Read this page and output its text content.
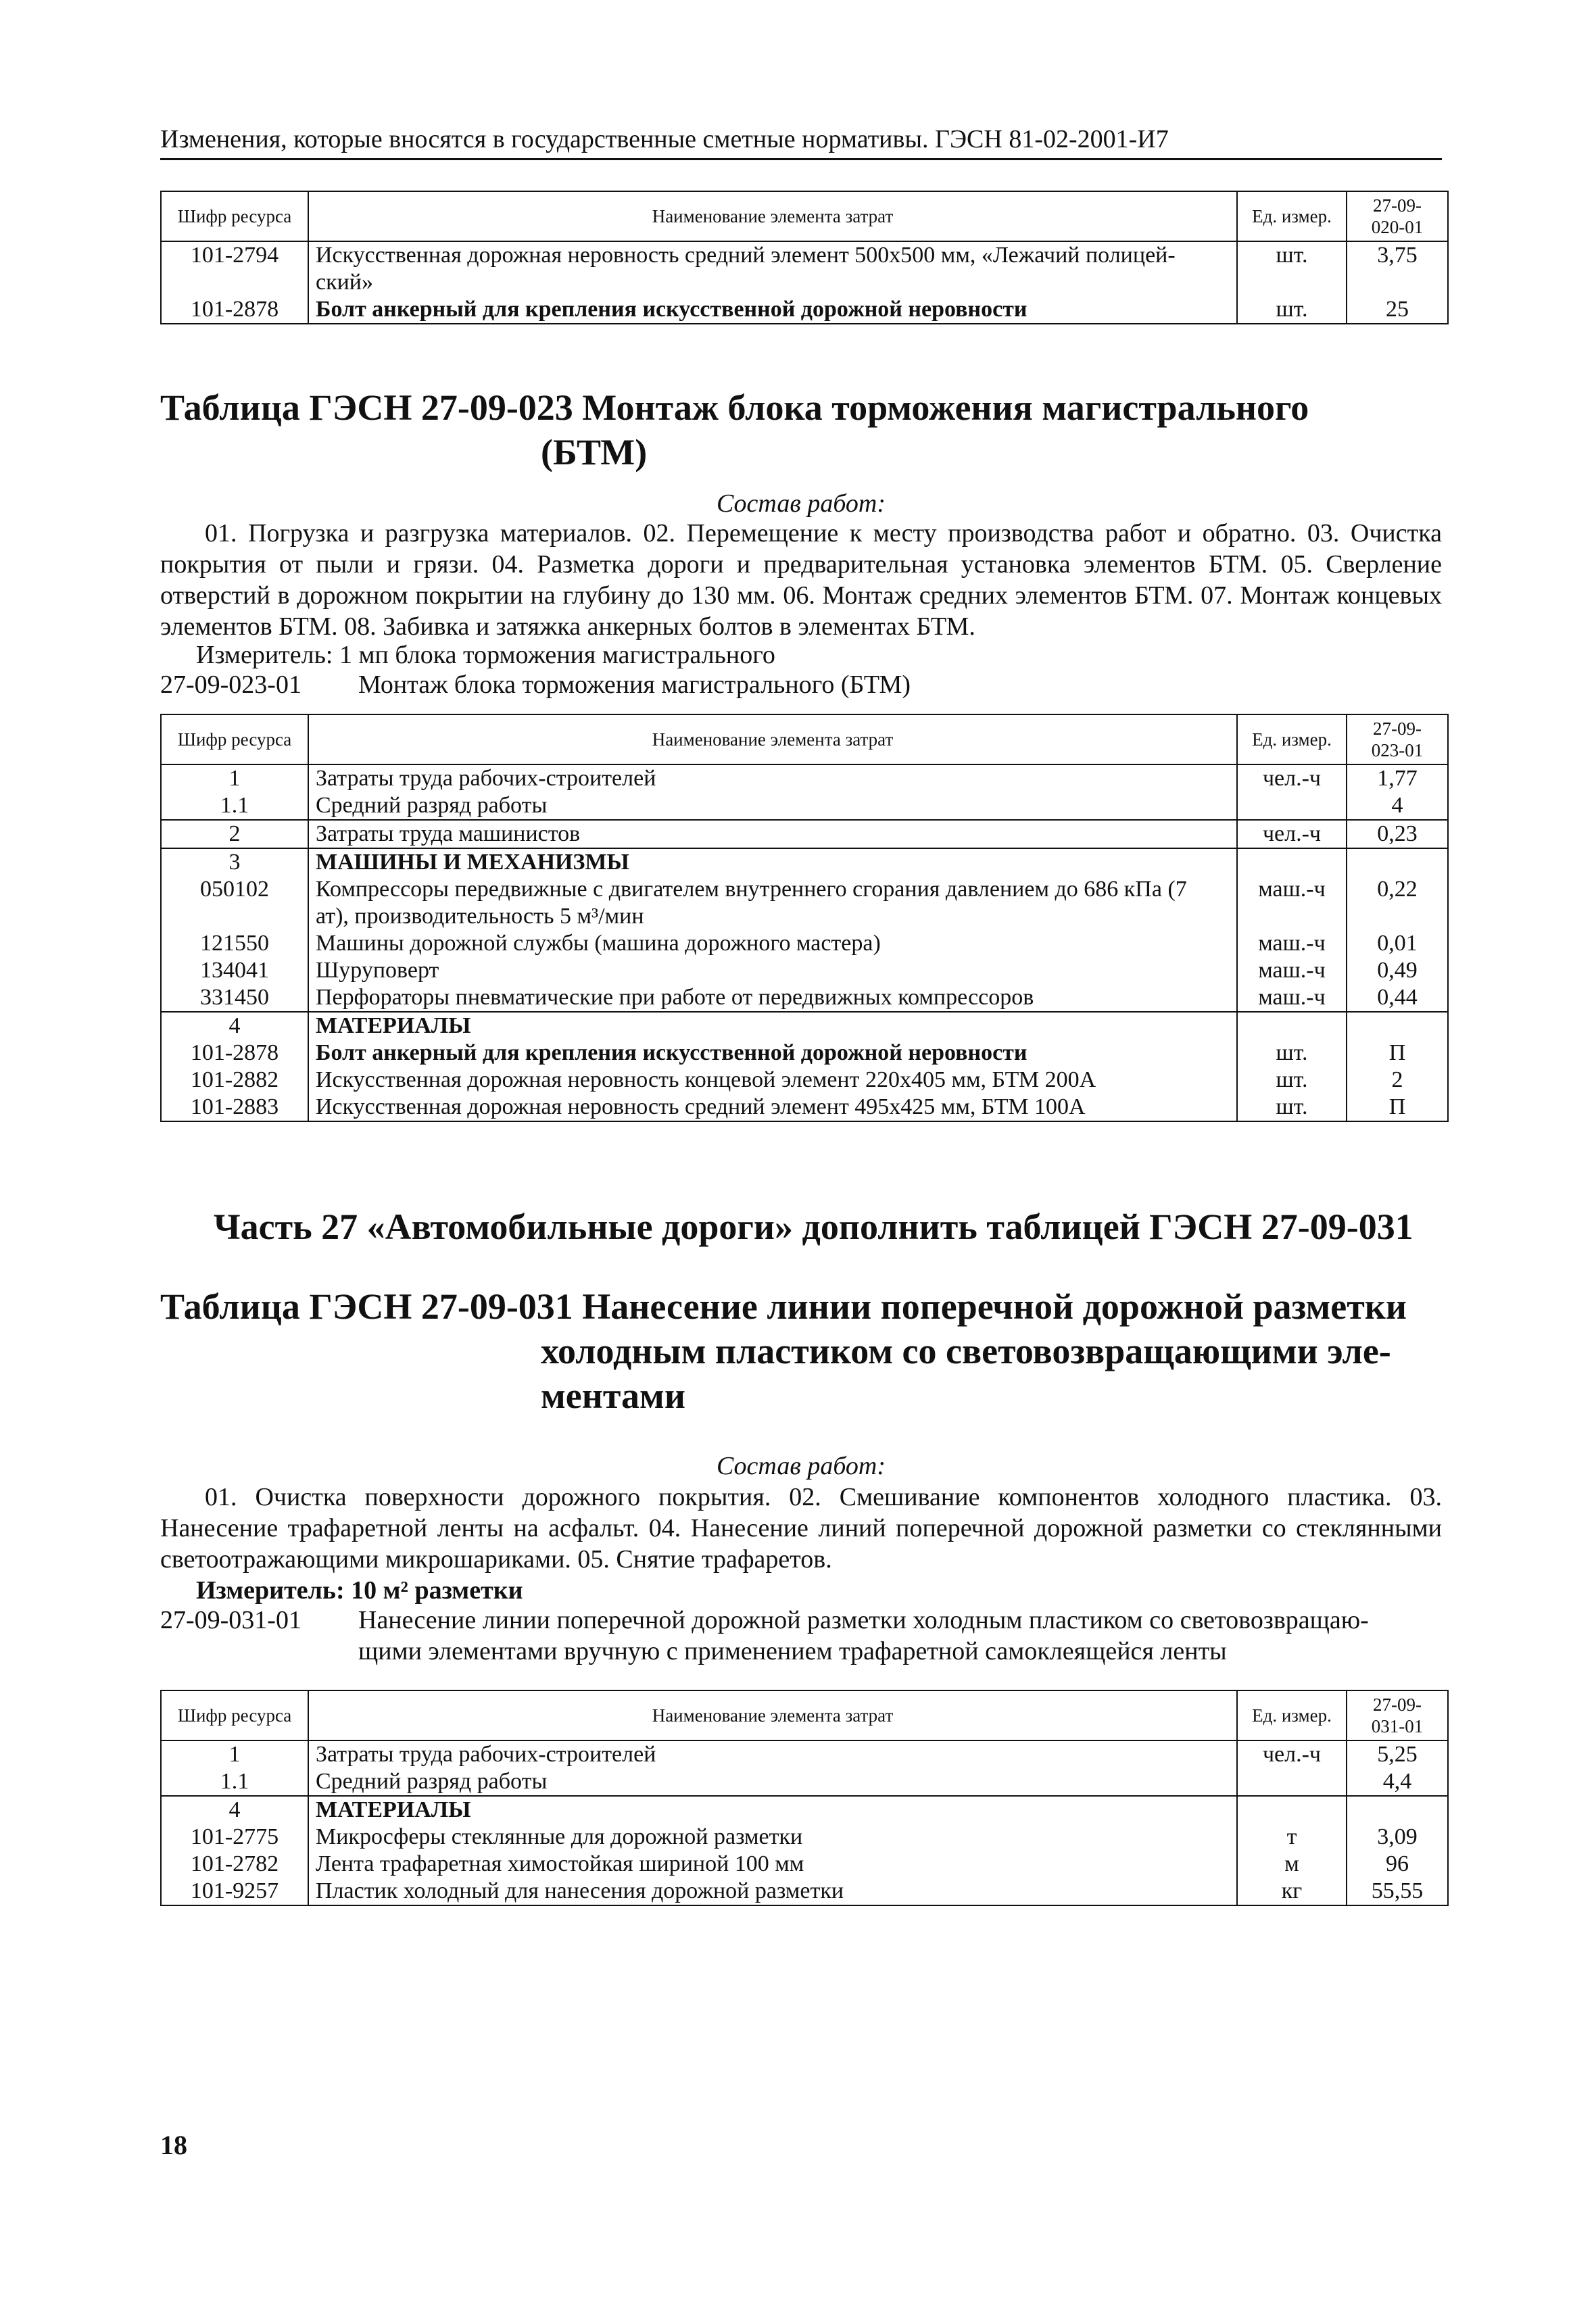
Изменения, которые вносятся в государственные сметные нормативы. ГЭСН 81-02-2001-И7
Шифр ресурса	Наименование элемента затрат	Ед. измер.	27-09-
020-01
101-2794	Искусственная дорожная неровность средний элемент 500х500 мм, «Лежачий полицей-	шт.	3,75
	ский»		
101-2878	Болт анкерный для крепления искусственной дорожной неровности	шт.	25
Таблица ГЭСН 27-09-023 Монтаж блока торможения магистрального
(БТМ)
Состав работ:
01. Погрузка и разгрузка материалов. 02. Перемещение к месту производства работ и обратно. 03. Очистка покрытия от пыли и грязи. 04. Разметка дороги и предварительная установка элементов БТМ. 05. Сверление отверстий в дорожном покрытии на глубину до 130 мм. 06. Монтаж средних элементов БТМ. 07. Монтаж концевых элементов БТМ. 08. Забивка и затяжка анкерных болтов в элементах БТМ.
Измеритель: 1 мп блока торможения магистрального
27-09-023-01 Монтаж блока торможения магистрального (БТМ)
Шифр ресурса	Наименование элемента затрат	Ед. измер.	27-09-
023-01
1	Затраты труда рабочих-строителей	чел.-ч	1,77
1.1	Средний разряд работы		4
2	Затраты труда машинистов	чел.-ч	0,23
3	МАШИНЫ И МЕХАНИЗМЫ		
050102	Компрессоры передвижные с двигателем внутреннего сгорания давлением до 686 кПа (7	маш.-ч	0,22
	ат), производительность 5 м³/мин		
121550	Машины дорожной службы (машина дорожного мастера)	маш.-ч	0,01
134041	Шуруповерт	маш.-ч	0,49
331450	Перфораторы пневматические при работе от передвижных компрессоров	маш.-ч	0,44
4	МАТЕРИАЛЫ		
101-2878	Болт анкерный для крепления искусственной дорожной неровности	шт.	П
101-2882	Искусственная дорожная неровность концевой элемент 220х405 мм, БТМ 200А	шт.	2
101-2883	Искусственная дорожная неровность средний элемент 495х425 мм, БТМ 100А	шт.	П
Часть 27 «Автомобильные дороги» дополнить таблицей ГЭСН 27-09-031
Таблица ГЭСН 27-09-031 Нанесение линии поперечной дорожной разметки
холодным пластиком со световозвращающими эле-
ментами
Состав работ:
01. Очистка поверхности дорожного покрытия. 02. Смешивание компонентов холодного пластика. 03. Нанесение трафаретной ленты на асфальт. 04. Нанесение линий поперечной дорожной разметки со стеклянными светоотражающими микрошариками. 05. Снятие трафаретов.
Измеритель: 10 м² разметки
27-09-031-01 Нанесение линии поперечной дорожной разметки холодным пластиком со световозвращаю-
щими элементами вручную с применением трафаретной самоклеящейся ленты
Шифр ресурса	Наименование элемента затрат	Ед. измер.	27-09-
031-01
1	Затраты труда рабочих-строителей	чел.-ч	5,25
1.1	Средний разряд работы		4,4
4	МАТЕРИАЛЫ		
101-2775	Микросферы стеклянные для дорожной разметки	т	3,09
101-2782	Лента трафаретная химостойкая шириной 100 мм	м	96
101-9257	Пластик холодный для нанесения дорожной разметки	кг	55,55
18
